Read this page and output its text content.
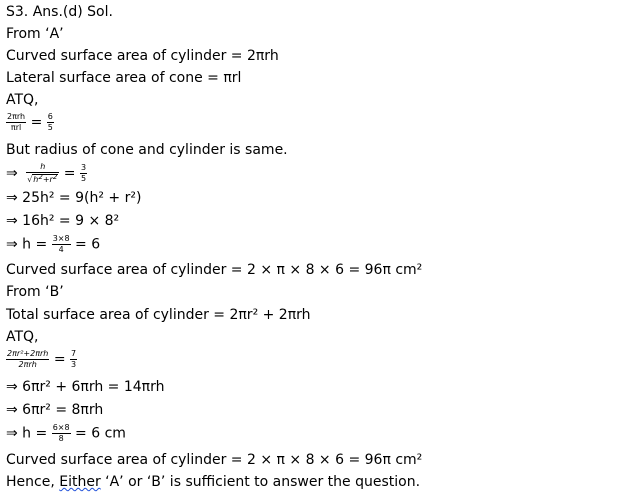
S3. Ans.(d) Sol.
From ‘A’
Curved surface area of cylinder = 2πrh
Lateral surface area of cone = πrl
ATQ,
$\frac{\text{2πrh}}{\text{πrl}} = \frac{6}{5}$
But radius of cone and cylinder is same.
⇒ $\frac{h}{√h2+r2} = \frac{3}{5}$
⇒ 25h² = 9(h² + r²)
⇒ 16h² = 9 × 8²
⇒ $h = \frac{3\times 8}{4} = 6$
Curved surface area of cylinder = 2 × π × 8 × 6 = 96π cm²
From ‘B’
Total surface area of cylinder = 2πr² + 2πrh
ATQ,
$\frac{\text{2πr²+2πrh}}{\text{2πrh}} = \frac{7}{3}$
⇒ 6πr² + 6πrh = 14πrh
⇒ 6πr² = 8πrh
⇒ $h = \frac{6\times 8}{8} = 6$ cm
Curved surface area of cylinder = 2 × π × 8 × 6 = 96π cm²
Hence, Either ‘A’ or ‘B’ is sufficient to answer the question.
